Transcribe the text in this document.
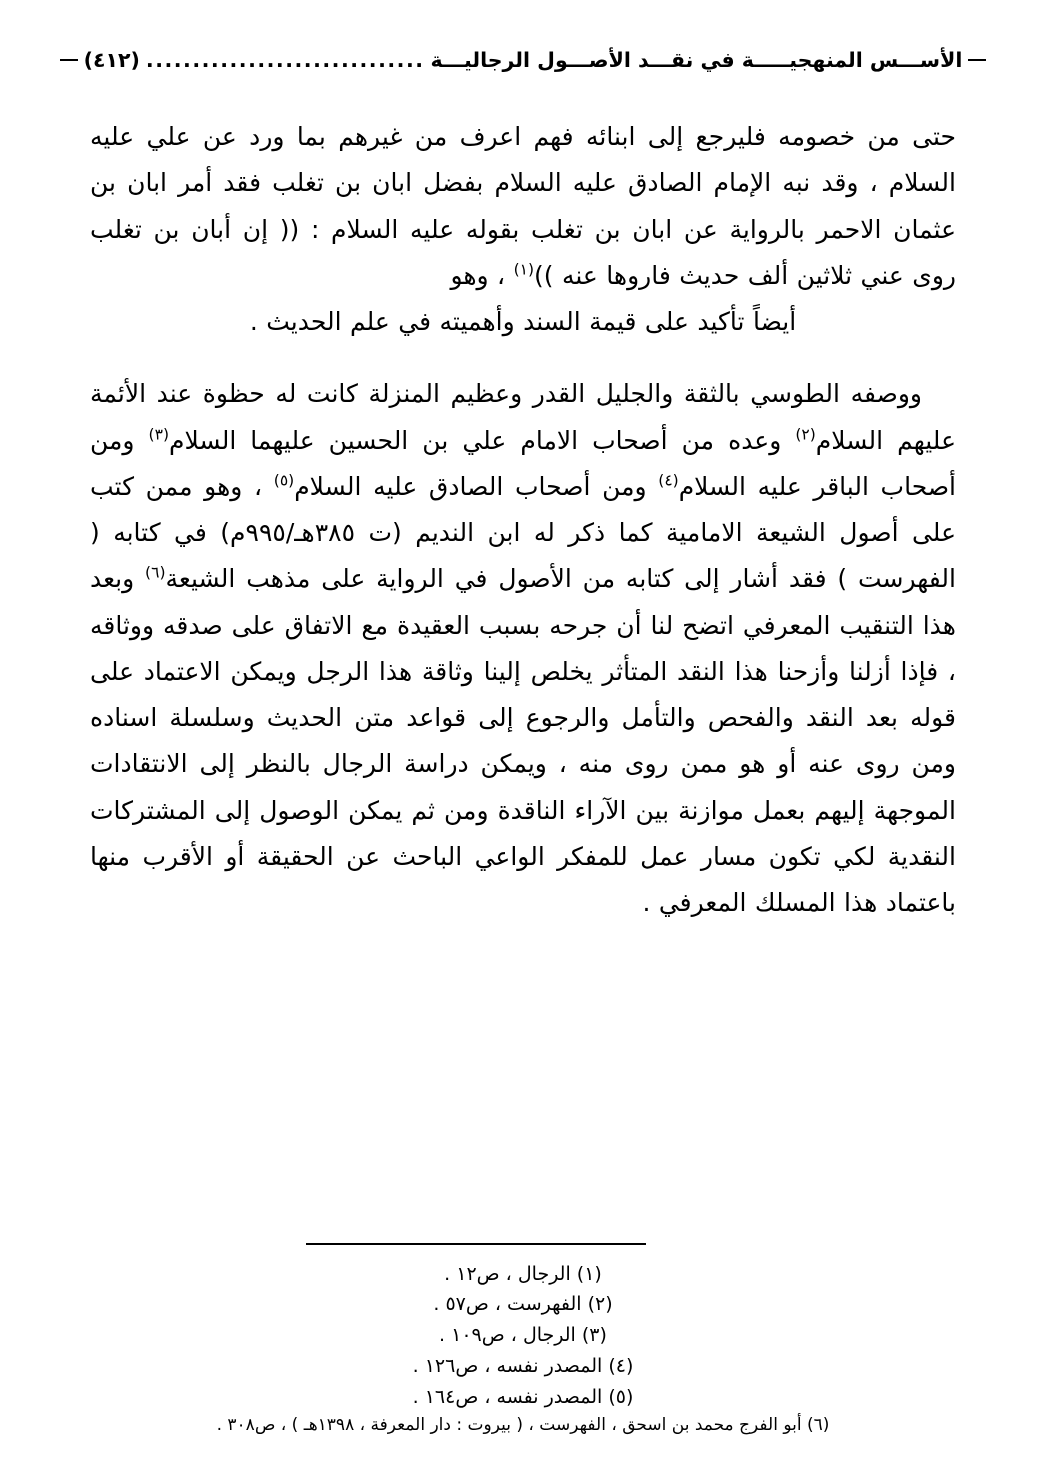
الأســـس المنهجيـــــة في نقـــد الأصـــول الرجاليـــة
..............................
(٤١٢)

حتى من خصومه فليرجع إلى ابنائه فهم اعرف من غيرهم بما ورد عن علي عليه السلام ، وقد نبه الإمام الصادق عليه السلام بفضل ابان بن تغلب فقد أمر ابان بن عثمان الاحمر بالرواية عن ابان بن تغلب بقوله عليه السلام : (( إن أبان بن تغلب روى عني ثلاثين ألف حديث فاروها عنه ))$^{(١)}$ ، وهو
أيضاً تأكيد على قيمة السند وأهميته في علم الحديث .

ووصفه الطوسي بالثقة والجليل القدر وعظيم المنزلة كانت له حظوة عند الأئمة عليهم السلام$^{(٢)}$ وعده من أصحاب الامام علي بن الحسين عليهما السلام$^{(٣)}$ ومن أصحاب الباقر عليه السلام$^{(٤)}$ ومن أصحاب الصادق عليه السلام$^{(٥)}$ ، وهو ممن كتب على أصول الشيعة الامامية كما ذكر له ابن النديم (ت ٣٨٥هـ/٩٩٥م) في كتابه ( الفهرست ) فقد أشار إلى كتابه من الأصول في الرواية على مذهب الشيعة$^{(٦)}$ وبعد هذا التنقيب المعرفي اتضح لنا أن جرحه بسبب العقيدة مع الاتفاق على صدقه ووثاقه ، فإذا أزلنا وأزحنا هذا النقد المتأثر يخلص إلينا وثاقة هذا الرجل ويمكن الاعتماد على قوله بعد النقد والفحص والتأمل والرجوع إلى قواعد متن الحديث وسلسلة اسناده ومن روى عنه أو هو ممن روى منه ، ويمكن دراسة الرجال بالنظر إلى الانتقادات الموجهة إليهم بعمل موازنة بين الآراء الناقدة ومن ثم يمكن الوصول إلى المشتركات النقدية لكي تكون مسار عمل للمفكر الواعي الباحث عن الحقيقة أو الأقرب منها باعتماد هذا المسلك المعرفي .

(١) الرجال ، ص١٢ .
(٢) الفهرست ، ص٥٧ .
(٣) الرجال ، ص١٠٩ .
(٤) المصدر نفسه ، ص١٢٦ .
(٥) المصدر نفسه ، ص١٦٤ .
(٦) أبو الفرج محمد بن اسحق ، الفهرست ، ( بيروت : دار المعرفة ، ١٣٩٨هـ ) ، ص٣٠٨ .
